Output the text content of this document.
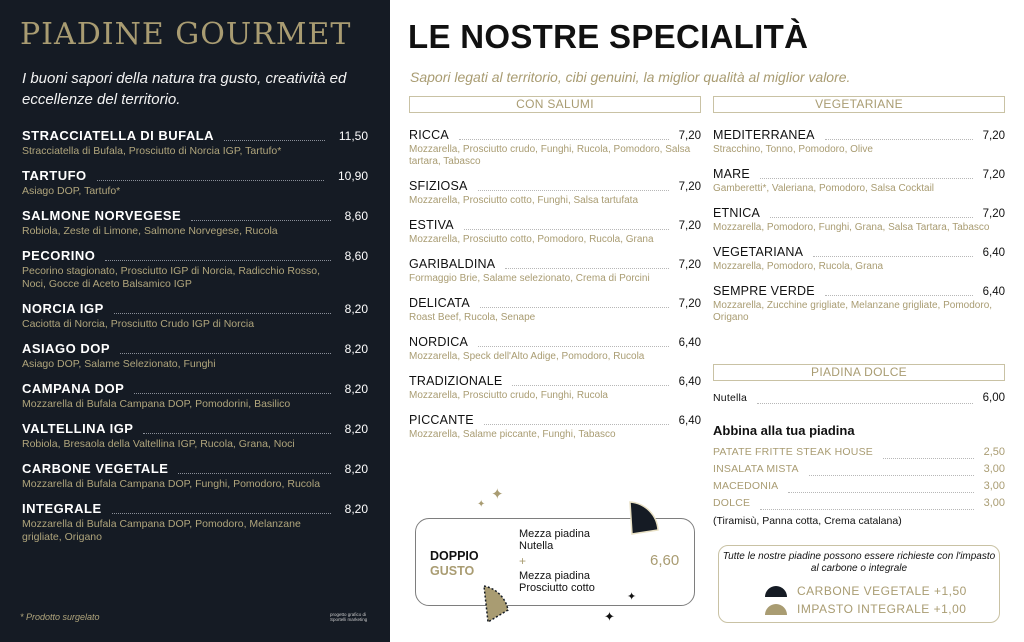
PIADINE GOURMET

I buoni sapori della natura tra gusto, creatività ed eccellenze del territorio.

STRACCIATELLA DI BUFALA	11,50
Stracciatella di Bufala, Prosciutto di Norcia IGP, Tartufo*
TARTUFO	10,90
Asiago DOP, Tartufo*
SALMONE NORVEGESE	8,60
Robiola, Zeste di Limone, Salmone Norvegese, Rucola
PECORINO	8,60
Pecorino stagionato, Prosciutto IGP di Norcia, Radicchio Rosso, Noci, Gocce di Aceto Balsamico IGP
NORCIA IGP	8,20
Caciotta di Norcia, Prosciutto Crudo IGP di Norcia
ASIAGO DOP	8,20
Asiago DOP, Salame Selezionato, Funghi
CAMPANA DOP	8,20
Mozzarella di Bufala Campana DOP, Pomodorini, Basilico
VALTELLINA IGP	8,20
Robiola, Bresaola della Valtellina IGP, Rucola, Grana, Noci
CARBONE VEGETALE	8,20
Mozzarella di Bufala Campana DOP, Funghi, Pomodoro, Rucola
INTEGRALE	8,20
Mozzarella di Bufala Campana DOP, Pomodoro, Melanzane grigliate, Origano
* Prodotto surgelato	progetto grafico di Sportelli marketing
LE NOSTRE SPECIALITÀ

Sapori legati al territorio, cibi genuini, la miglior qualità al miglior valore.

CON SALUMI	VEGETARIANE
RICCA	7,20
Mozzarella, Prosciutto crudo, Funghi, Rucola, Pomodoro, Salsa tartara, Tabasco
SFIZIOSA	7,20
Mozzarella, Prosciutto cotto, Funghi, Salsa tartufata
ESTIVA	7,20
Mozzarella, Prosciutto cotto, Pomodoro, Rucola, Grana
GARIBALDINA	7,20
Formaggio Brie, Salame selezionato, Crema di Porcini
DELICATA	7,20
Roast Beef, Rucola, Senape
NORDICA	6,40
Mozzarella, Speck dell'Alto Adige, Pomodoro, Rucola
TRADIZIONALE	6,40
Mozzarella, Prosciutto crudo, Funghi, Rucola
PICCANTE	6,40
Mozzarella, Salame piccante, Funghi, Tabasco
MEDITERRANEA	7,20
Stracchino, Tonno, Pomodoro, Olive
MARE	7,20
Gamberetti*, Valeriana, Pomodoro, Salsa Cocktail
ETNICA	7,20
Mozzarella, Pomodoro, Funghi, Grana, Salsa Tartara, Tabasco
VEGETARIANA	6,40
Mozzarella, Pomodoro, Rucola, Grana
SEMPRE VERDE	6,40
Mozzarella, Zucchine grigliate, Melanzane grigliate, Pomodoro, Origano
PIADINA DOLCE
Nutella	6,00
Abbina alla tua piadina
PATATE FRITTE STEAK HOUSE	2,50
INSALATA MISTA	3,00
MACEDONIA	3,00
DOLCE	3,00
(Tiramisù, Panna cotta, Crema catalana)
✦
✦
DOPPIO
GUSTO
Mezza piadina
Nutella
+
Mezza piadina
Prosciutto cotto
6,60
✦
✦
Tutte le nostre piadine possono essere richieste con l'impasto al carbone o integrale
CARBONE VEGETALE +1,50
IMPASTO INTEGRALE +1,00
